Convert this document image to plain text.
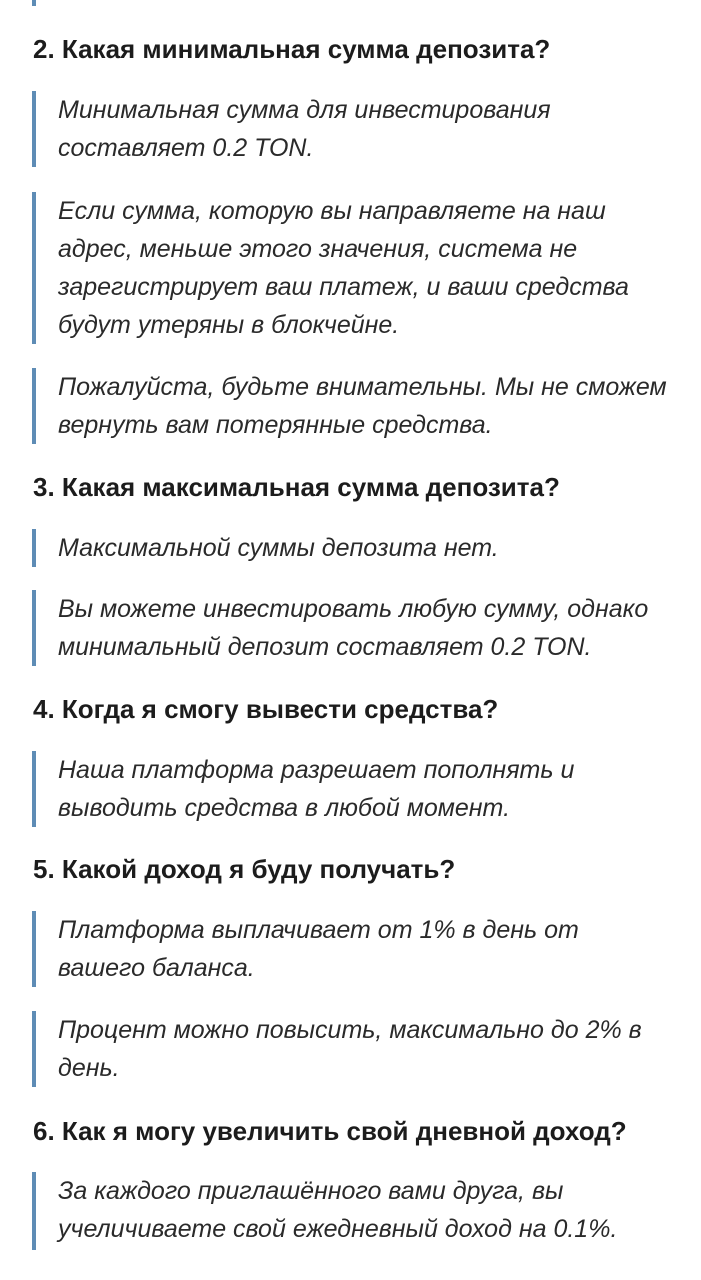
2. Какая минимальная сумма депозита?
Минимальная сумма для инвестирования составляет 0.2 TON.
Если сумма, которую вы направляете на наш адрес, меньше этого значения, система не зарегистрирует ваш платеж, и ваши средства будут утеряны в блокчейне.
Пожалуйста, будьте внимательны. Мы не сможем вернуть вам потерянные средства.
3. Какая максимальная сумма депозита?
Максимальной суммы депозита нет.
Вы можете инвестировать любую сумму, однако минимальный депозит составляет 0.2 TON.
4. Когда я смогу вывести средства?
Наша платформа разрешает пополнять и выводить средства в любой момент.
5. Какой доход я буду получать?
Платформа выплачивает от 1% в день от вашего баланса.
Процент можно повысить, максимально до 2% в день.
6. Как я могу увеличить свой дневной доход?
За каждого приглашённого вами друга, вы учеличиваете свой ежедневный доход на 0.1%.
